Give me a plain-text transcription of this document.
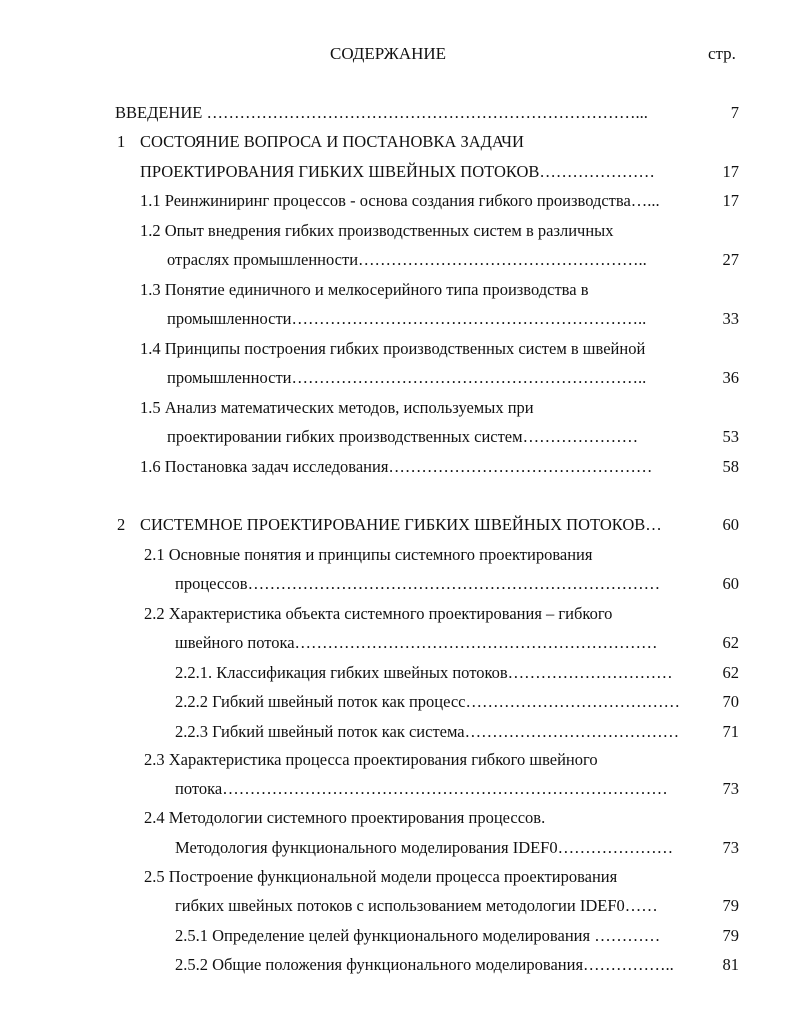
СОДЕРЖАНИЕ	стр.
ВВЕДЕНИЕ ……………………………………………………………………...	7
1 СОСТОЯНИЕ ВОПРОСА И ПОСТАНОВКА ЗАДАЧИ
ПРОЕКТИРОВАНИЯ ГИБКИХ ШВЕЙНЫХ ПОТОКОВ…………………	17
1.1 Реинжиниринг процессов - основа создания гибкого производства…...	17
1.2 Опыт внедрения гибких производственных систем в различных
отраслях промышленности……………………………………………..	27
1.3 Понятие единичного и мелкосерийного типа производства в
промышленности………………………………………………………..	33
1.4 Принципы построения гибких производственных систем в швейной
промышленности………………………………………………………..	36
1.5 Анализ математических методов, используемых при
проектировании гибких производственных систем…………………	53
1.6 Постановка задач исследования…………………………………………	58
2 СИСТЕМНОЕ ПРОЕКТИРОВАНИЕ ГИБКИХ ШВЕЙНЫХ ПОТОКОВ…	60
2.1 Основные понятия и принципы системного проектирования
процессов…………………………………………………………………	60
2.2 Характеристика объекта системного проектирования – гибкого
швейного потока…………………………………………………………	62
2.2.1. Классификация гибких швейных потоков…………………………	62
2.2.2 Гибкий швейный поток как процесс…………………………………	70
2.2.3 Гибкий швейный поток как система…………………………………	71
2.3 Характеристика процесса проектирования гибкого швейного
потока………………………………………………………………………	73
2.4 Методологии системного проектирования процессов.
Методология функционального моделирования IDEF0…………………	73
2.5 Построение функциональной модели процесса проектирования
гибких швейных потоков с использованием методологии IDEF0……	79
2.5.1 Определение целей функционального моделирования …………	79
2.5.2 Общие положения функционального моделирования……………..	81
